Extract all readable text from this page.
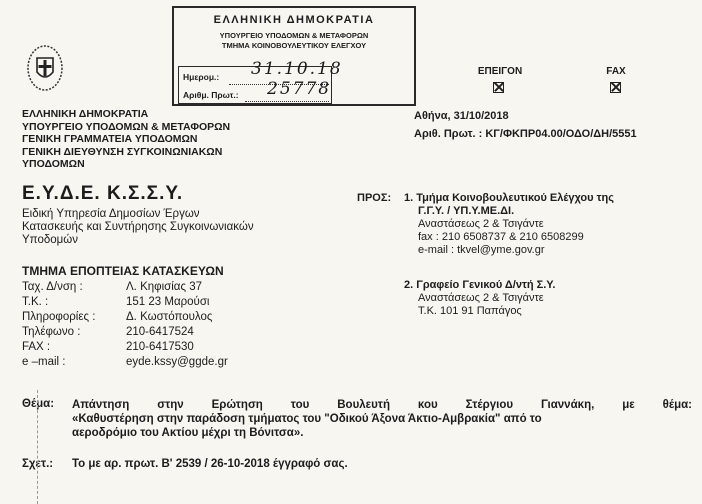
ΕΛΛΗΝΙΚΗ ΔΗΜΟΚΡΑΤΙΑ
ΥΠΟΥΡΓΕΙΟ ΥΠΟΔΟΜΩΝ & ΜΕΤΑΦΟΡΩΝ
ΤΜΗΜΑ ΚΟΙΝΟΒΟΥΛΕΥΤΙΚΟΥ ΕΛΕΓΧΟΥ
Ημερομ.: 31.10.18
Αριθμ. Πρωτ.: 25778
ΕΠΕΙΓΟΝ	FAX
ΕΛΛΗΝΙΚΗ ΔΗΜΟΚΡΑΤΙΑ
ΥΠΟΥΡΓΕΙΟ ΥΠΟΔΟΜΩΝ & ΜΕΤΑΦΟΡΩΝ
ΓΕΝΙΚΗ ΓΡΑΜΜΑΤΕΙΑ ΥΠΟΔΟΜΩΝ
ΓΕΝΙΚΗ ΔΙΕΥΘΥΝΣΗ ΣΥΓΚΟΙΝΩΝΙΑΚΩΝ
ΥΠΟΔΟΜΩΝ
Ε.Υ.Δ.Ε. Κ.Σ.Σ.Υ.
Ειδική Υπηρεσία Δημοσίων Έργων
Κατασκευής και Συντήρησης Συγκοινωνιακών
Υποδομών
ΤΜΗΜΑ ΕΠΟΠΤΕΙΑΣ ΚΑΤΑΣΚΕΥΩΝ
Ταχ. Δ/νση :	Λ. Κηφισίας 37
Τ.Κ. :	151 23 Μαρούσι
Πληροφορίες :	Δ. Κωστόπουλος
Τηλέφωνο :	210-6417524
FAX :	210-6417530
e –mail :	eyde.kssy@ggde.gr
Αθήνα, 31/10/2018
Αριθ. Πρωτ. : ΚΓ/ΦΚΠΡ04.00/ΟΔΟ/ΔΗ/5551
ΠΡΟΣ: 1. Τμήμα Κοινοβουλευτικού Ελέγχου της
Γ.Γ.Υ. / ΥΠ.Υ.ΜΕ.ΔΙ.
Αναστάσεως 2 & Τσιγάντε
fax : 210 6508737 & 210 6508299
e-mail : tkvel@yme.gov.gr
2. Γραφείο Γενικού Δ/ντή Σ.Υ.
Αναστάσεως 2 & Τσιγάντε
Τ.Κ. 101 91 Παπάγος
Θέμα: Απάντηση στην Ερώτηση του Βουλευτή κου Στέργιου Γιαννάκη, με θέμα:
«Καθυστέρηση στην παράδοση τμήματος του "Οδικού Άξονα Άκτιο-Αμβρακία" από το
αεροδρόμιο του Ακτίου μέχρι τη Βόνιτσα».
Σχετ.: Το με αρ. πρωτ. Β' 2539 / 26-10-2018 έγγραφό σας.
